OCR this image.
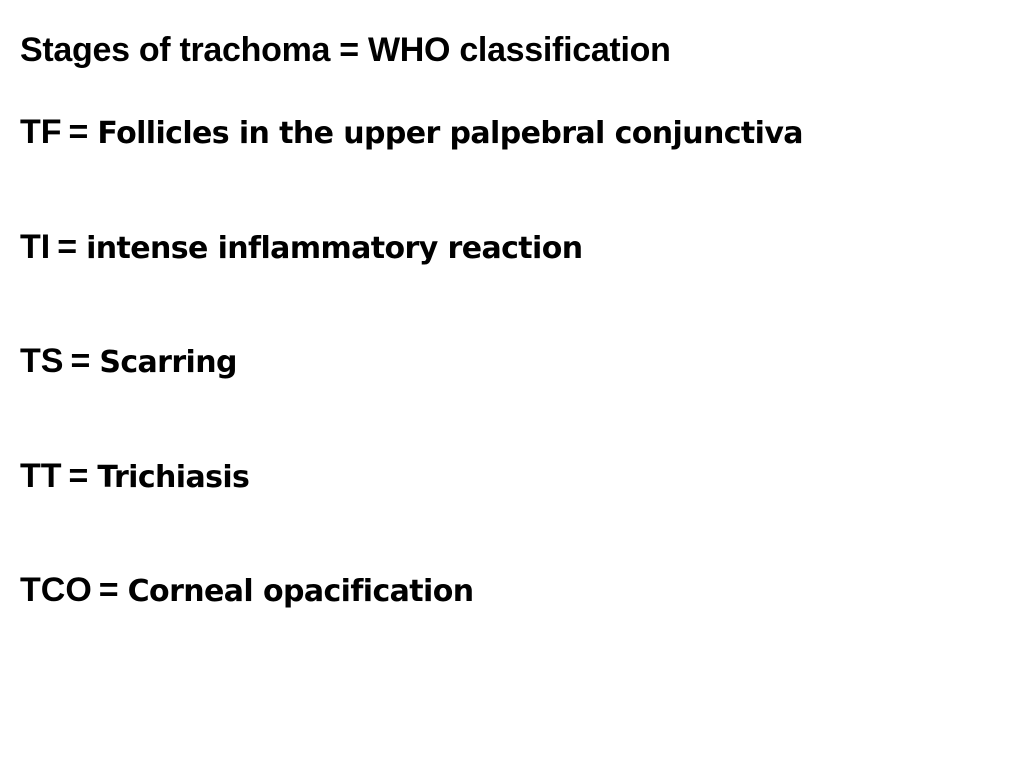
Stages of trachoma = WHO classification

TF = Follicles in the upper palpebral conjunctiva

TI = intense inflammatory reaction

TS = Scarring

TT = Trichiasis

TCO = Corneal opacification
